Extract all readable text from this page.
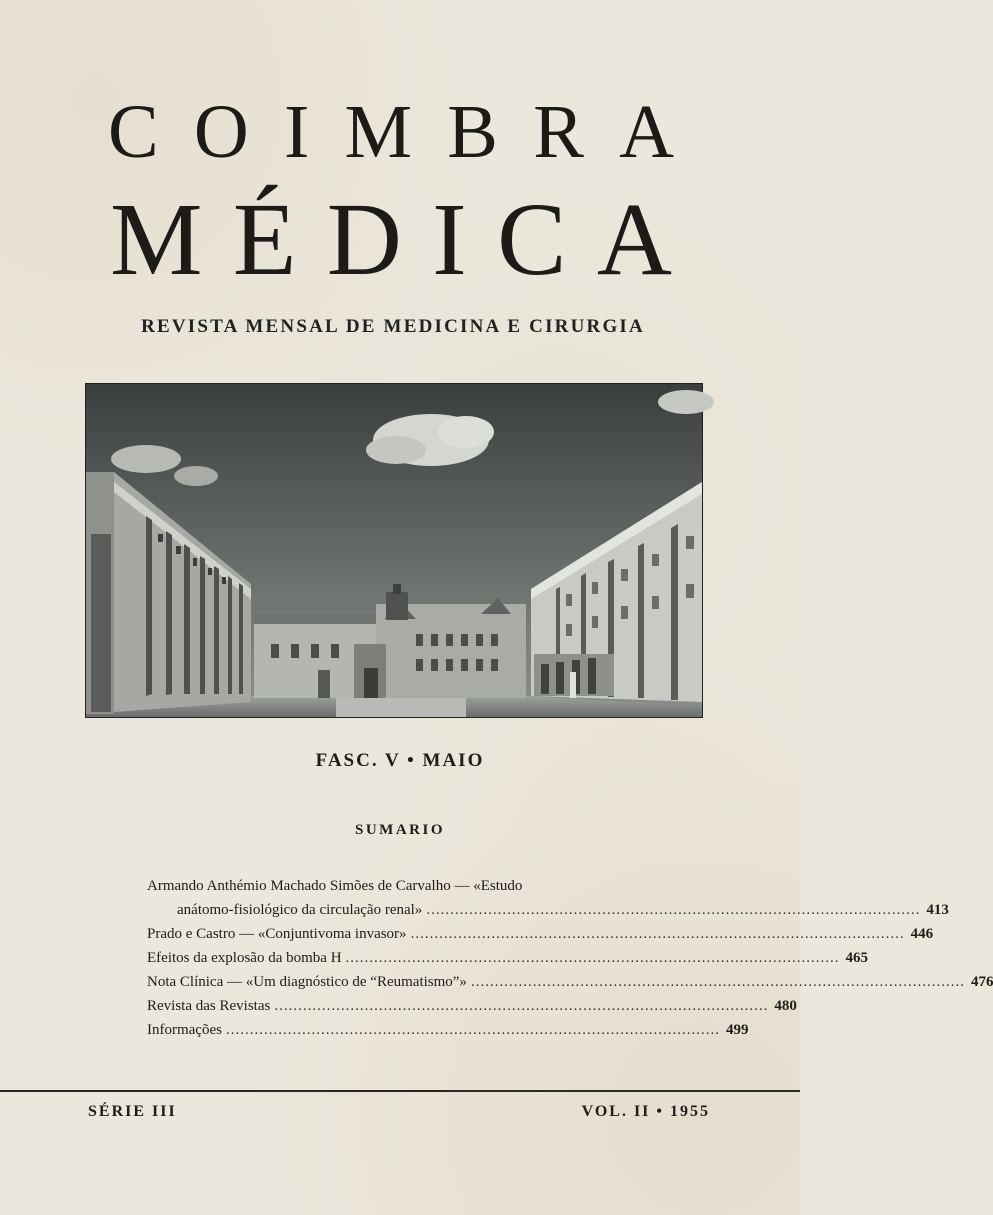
C O I M B R A
M É D I C A
REVISTA MENSAL DE MEDICINA E CIRURGIA
FASC. V • MAIO
SUMARIO
Armando Anthémio Machado Simões de Carvalho — «Estudo
anátomo-fisiológico da circulação renal» ........................................................................................................ 413
Prado e Castro — «Conjuntivoma invasor» ........................................................................................................ 446
Efeitos da explosão da bomba H ........................................................................................................ 465
Nota Clínica — «Um diagnóstico de “Reumatismo”» ........................................................................................................ 476
Revista das Revistas ........................................................................................................ 480
Informações ........................................................................................................ 499
SÉRIE III	VOL. II • 1955
